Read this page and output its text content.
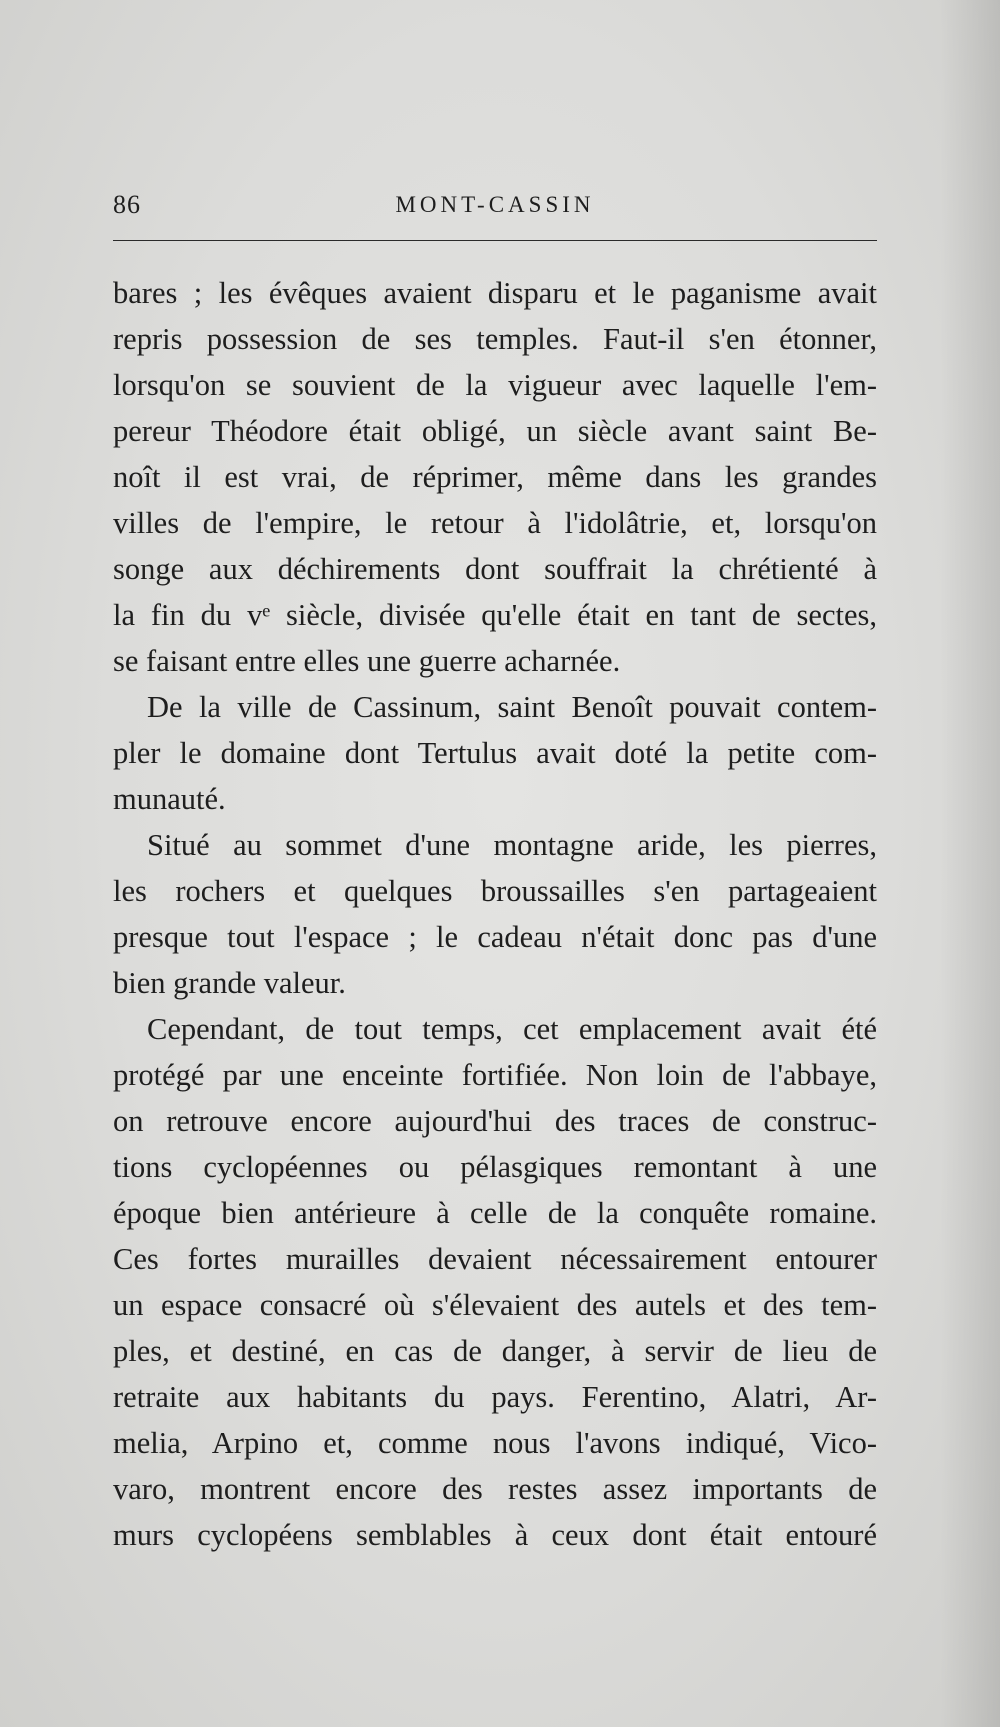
86	MONT-CASSIN
bares ; les évêques avaient disparu et le paganisme avait
repris possession de ses temples. Faut-il s'en étonner,
lorsqu'on se souvient de la vigueur avec laquelle l'em-
pereur Théodore était obligé, un siècle avant saint Be-
noît il est vrai, de réprimer, même dans les grandes
villes de l'empire, le retour à l'idolâtrie, et, lorsqu'on
songe aux déchirements dont souffrait la chrétienté à
la fin du vᵉ siècle, divisée qu'elle était en tant de sectes,
se faisant entre elles une guerre acharnée.
De la ville de Cassinum, saint Benoît pouvait contem-
pler le domaine dont Tertulus avait doté la petite com-
munauté.
Situé au sommet d'une montagne aride, les pierres,
les rochers et quelques broussailles s'en partageaient
presque tout l'espace ; le cadeau n'était donc pas d'une
bien grande valeur.
Cependant, de tout temps, cet emplacement avait été
protégé par une enceinte fortifiée. Non loin de l'abbaye,
on retrouve encore aujourd'hui des traces de construc-
tions cyclopéennes ou pélasgiques remontant à une
époque bien antérieure à celle de la conquête romaine.
Ces fortes murailles devaient nécessairement entourer
un espace consacré où s'élevaient des autels et des tem-
ples, et destiné, en cas de danger, à servir de lieu de
retraite aux habitants du pays. Ferentino, Alatri, Ar-
melia, Arpino et, comme nous l'avons indiqué, Vico-
varo, montrent encore des restes assez importants de
murs cyclopéens semblables à ceux dont était entouré
